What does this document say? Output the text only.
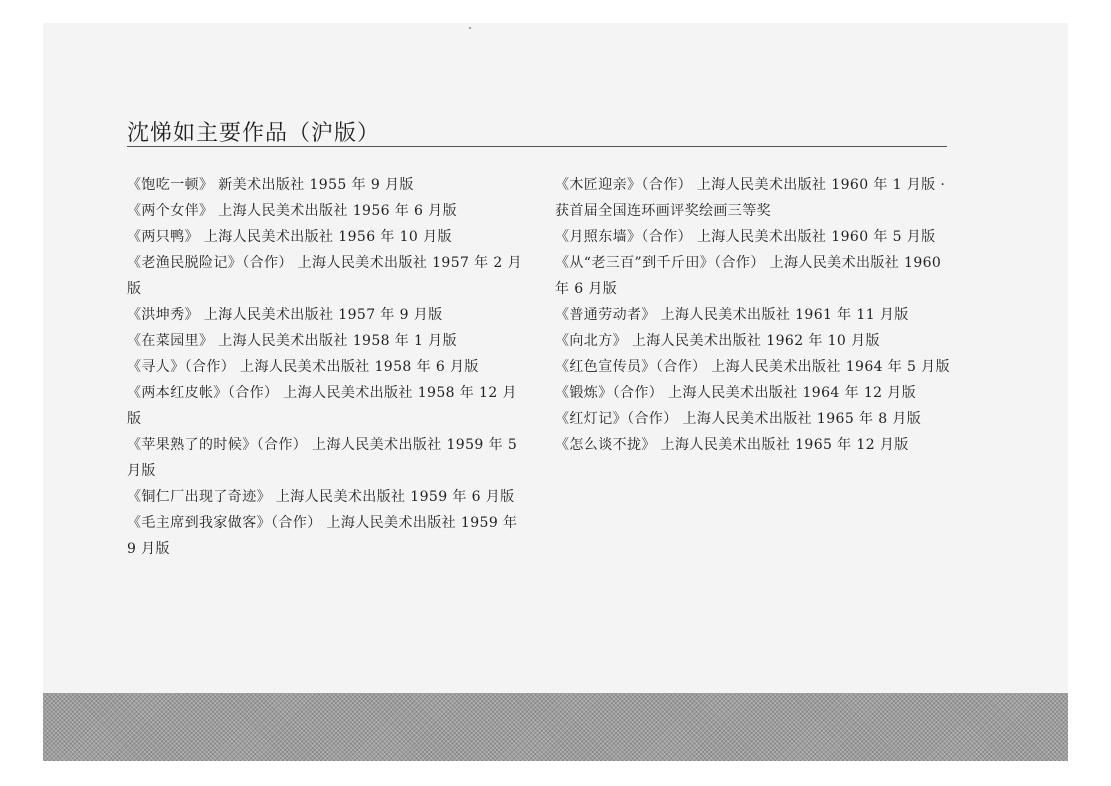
沈悌如主要作品（沪版）
《饱吃一顿》 新美术出版社 1955 年 9 月版
《两个女伴》 上海人民美术出版社 1956 年 6 月版
《两只鸭》 上海人民美术出版社 1956 年 10 月版
《老渔民脱险记》（合作） 上海人民美术出版社 1957 年 2 月版
《洪坤秀》 上海人民美术出版社 1957 年 9 月版
《在菜园里》 上海人民美术出版社 1958 年 1 月版
《寻人》（合作） 上海人民美术出版社 1958 年 6 月版
《两本红皮帐》（合作） 上海人民美术出版社 1958 年 12 月版
《苹果熟了的时候》（合作） 上海人民美术出版社 1959 年 5 月版
《铜仁厂出现了奇迹》 上海人民美术出版社 1959 年 6 月版
《毛主席到我家做客》（合作） 上海人民美术出版社 1959 年 9 月版
《木匠迎亲》（合作） 上海人民美术出版社 1960 年 1 月版 · 获首届全国连环画评奖绘画三等奖
《月照东墙》（合作） 上海人民美术出版社 1960 年 5 月版
《从“老三百”到千斤田》（合作） 上海人民美术出版社 1960 年 6 月版
《普通劳动者》 上海人民美术出版社 1961 年 11 月版
《向北方》 上海人民美术出版社 1962 年 10 月版
《红色宣传员》（合作） 上海人民美术出版社 1964 年 5 月版
《锻炼》（合作） 上海人民美术出版社 1964 年 12 月版
《红灯记》（合作） 上海人民美术出版社 1965 年 8 月版
《怎么谈不拢》 上海人民美术出版社 1965 年 12 月版
